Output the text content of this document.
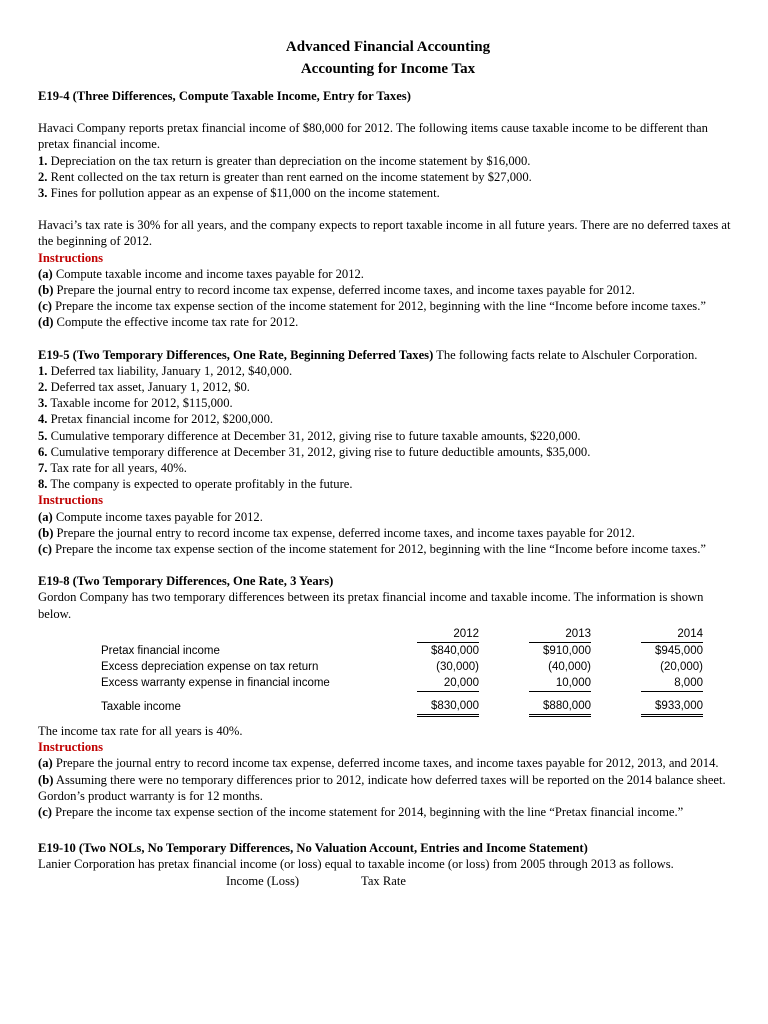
Advanced Financial Accounting
Accounting for Income Tax

E19-4 (Three Differences, Compute Taxable Income, Entry for Taxes)

Havaci Company reports pretax financial income of $80,000 for 2012. The following items cause taxable income to be different than pretax financial income.

1. Depreciation on the tax return is greater than depreciation on the income statement by $16,000.

2. Rent collected on the tax return is greater than rent earned on the income statement by $27,000.

3. Fines for pollution appear as an expense of $11,000 on the income statement.

Havaci’s tax rate is 30% for all years, and the company expects to report taxable income in all future years. There are no deferred taxes at the beginning of 2012.

Instructions

(a) Compute taxable income and income taxes payable for 2012.

(b) Prepare the journal entry to record income tax expense, deferred income taxes, and income taxes payable for 2012.

(c) Prepare the income tax expense section of the income statement for 2012, beginning with the line “Income before income taxes.”

(d) Compute the effective income tax rate for 2012.

E19-5 (Two Temporary Differences, One Rate, Beginning Deferred Taxes) The following facts relate to Alschuler Corporation.

1. Deferred tax liability, January 1, 2012, $40,000.

2. Deferred tax asset, January 1, 2012, $0.

3. Taxable income for 2012, $115,000.

4. Pretax financial income for 2012, $200,000.

5. Cumulative temporary difference at December 31, 2012, giving rise to future taxable amounts, $220,000.

6. Cumulative temporary difference at December 31, 2012, giving rise to future deductible amounts, $35,000.

7. Tax rate for all years, 40%.

8. The company is expected to operate profitably in the future.

Instructions

(a) Compute income taxes payable for 2012.

(b) Prepare the journal entry to record income tax expense, deferred income taxes, and income taxes payable for 2012.

(c) Prepare the income tax expense section of the income statement for 2012, beginning with the line “Income before income taxes.”

E19-8 (Two Temporary Differences, One Rate, 3 Years)

Gordon Company has two temporary differences between its pretax financial income and taxable income. The information is shown below.

	2012	2013	2014
Pretax financial income	$840,000	$910,000	$945,000
Excess depreciation expense on tax return	(30,000)	(40,000)	(20,000)
Excess warranty expense in financial income	20,000	10,000	8,000
Taxable income	$830,000	$880,000	$933,000

The income tax rate for all years is 40%.

Instructions

(a) Prepare the journal entry to record income tax expense, deferred income taxes, and income taxes payable for 2012, 2013, and 2014.

(b) Assuming there were no temporary differences prior to 2012, indicate how deferred taxes will be reported on the 2014 balance sheet. Gordon’s product warranty is for 12 months.

(c) Prepare the income tax expense section of the income statement for 2014, beginning with the line “Pretax financial income.”

E19-10 (Two NOLs, No Temporary Differences, No Valuation Account, Entries and Income Statement)

Lanier Corporation has pretax financial income (or loss) equal to taxable income (or loss) from 2005 through 2013 as follows.

Income (Loss)	Tax Rate
